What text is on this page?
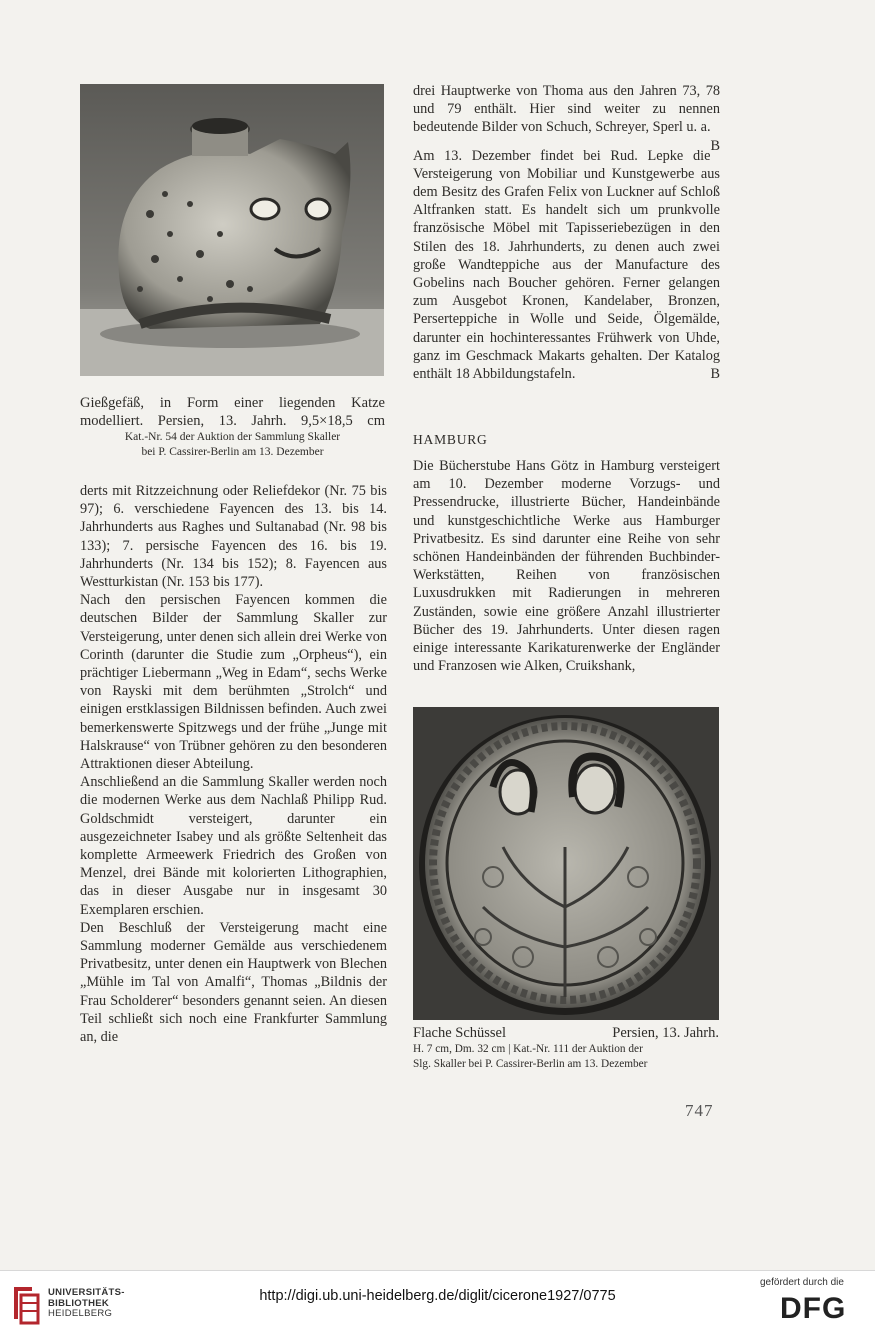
Gießgefäß, in Form einer liegenden Katze
modelliert. Persien, 13. Jahrh. 9,5×18,5 cm
Kat.-Nr. 54 der Auktion der Sammlung Skaller
bei P. Cassirer-Berlin am 13. Dezember

derts mit Ritzzeichnung oder Reliefdekor (Nr. 75 bis 97); 6. verschiedene Fayencen des 13. bis 14. Jahrhunderts aus Raghes und Sultanabad (Nr. 98 bis 133); 7. persische Fayencen des 16. bis 19. Jahrhunderts (Nr. 134 bis 152); 8. Fayencen aus Westturkistan (Nr. 153 bis 177).

Nach den persischen Fayencen kommen die deutschen Bilder der Sammlung Skaller zur Versteigerung, unter denen sich allein drei Werke von Corinth (darunter die Studie zum „Orpheus“), ein prächtiger Liebermann „Weg in Edam“, sechs Werke von Rayski mit dem berühmten „Strolch“ und einigen erstklassigen Bildnissen befinden. Auch zwei bemerkenswerte Spitzwegs und der frühe „Junge mit Halskrause“ von Trübner gehören zu den besonderen Attraktionen dieser Abteilung.

Anschließend an die Sammlung Skaller werden noch die modernen Werke aus dem Nachlaß Philipp Rud. Goldschmidt versteigert, darunter ein ausgezeichneter Isabey und als größte Seltenheit das komplette Armeewerk Friedrich des Großen von Menzel, drei Bände mit kolorierten Lithographien, das in dieser Ausgabe nur in insgesamt 30 Exemplaren erschien.

Den Beschluß der Versteigerung macht eine Sammlung moderner Gemälde aus verschiedenem Privatbesitz, unter denen ein Hauptwerk von Blechen „Mühle im Tal von Amalfi“, Thomas „Bildnis der Frau Scholderer“ besonders genannt seien. An diesen Teil schließt sich noch eine Frankfurter Sammlung an, die

drei Hauptwerke von Thoma aus den Jahren 73, 78 und 79 enthält. Hier sind weiter zu nennen bedeutende Bilder von Schuch, Schreyer, Sperl u. a.
B

Am 13. Dezember findet bei Rud. Lepke die Versteigerung von Mobiliar und Kunstgewerbe aus dem Besitz des Grafen Felix von Luckner auf Schloß Altfranken statt. Es handelt sich um prunkvolle französische Möbel mit Tapisseriebezügen in den Stilen des 18. Jahrhunderts, zu denen auch zwei große Wandteppiche aus der Manufacture des Gobelins nach Boucher gehören. Ferner gelangen zum Ausgebot Kronen, Kandelaber, Bronzen, Perserteppiche in Wolle und Seide, Ölgemälde, darunter ein hochinteressantes Frühwerk von Uhde, ganz im Geschmack Makarts gehalten. Der Katalog enthält 18 Abbildungstafeln.	B

HAMBURG

Die Bücherstube Hans Götz in Hamburg versteigert am 10. Dezember moderne Vorzugs- und Pressendrucke, illustrierte Bücher, Handeinbände und kunstgeschichtliche Werke aus Hamburger Privatbesitz. Es sind darunter eine Reihe von sehr schönen Handeinbänden der führenden Buchbinder-Werkstätten, Reihen von französischen Luxusdrukken mit Radierungen in mehreren Zuständen, sowie eine größere Anzahl illustrierter Bücher des 19. Jahrhunderts. Unter diesen ragen einige interessante Karikaturenwerke der Engländer und Franzosen wie Alken, Cruikshank,

Flache Schüssel	Persien, 13. Jahrh.
H. 7 cm, Dm. 32 cm | Kat.-Nr. 111 der Auktion der
Slg. Skaller bei P. Cassirer-Berlin am 13. Dezember
747
UNIVERSITÄTS-
BIBLIOTHEK
HEIDELBERG
http://digi.ub.uni-heidelberg.de/diglit/cicerone1927/0775
gefördert durch die
DFG
